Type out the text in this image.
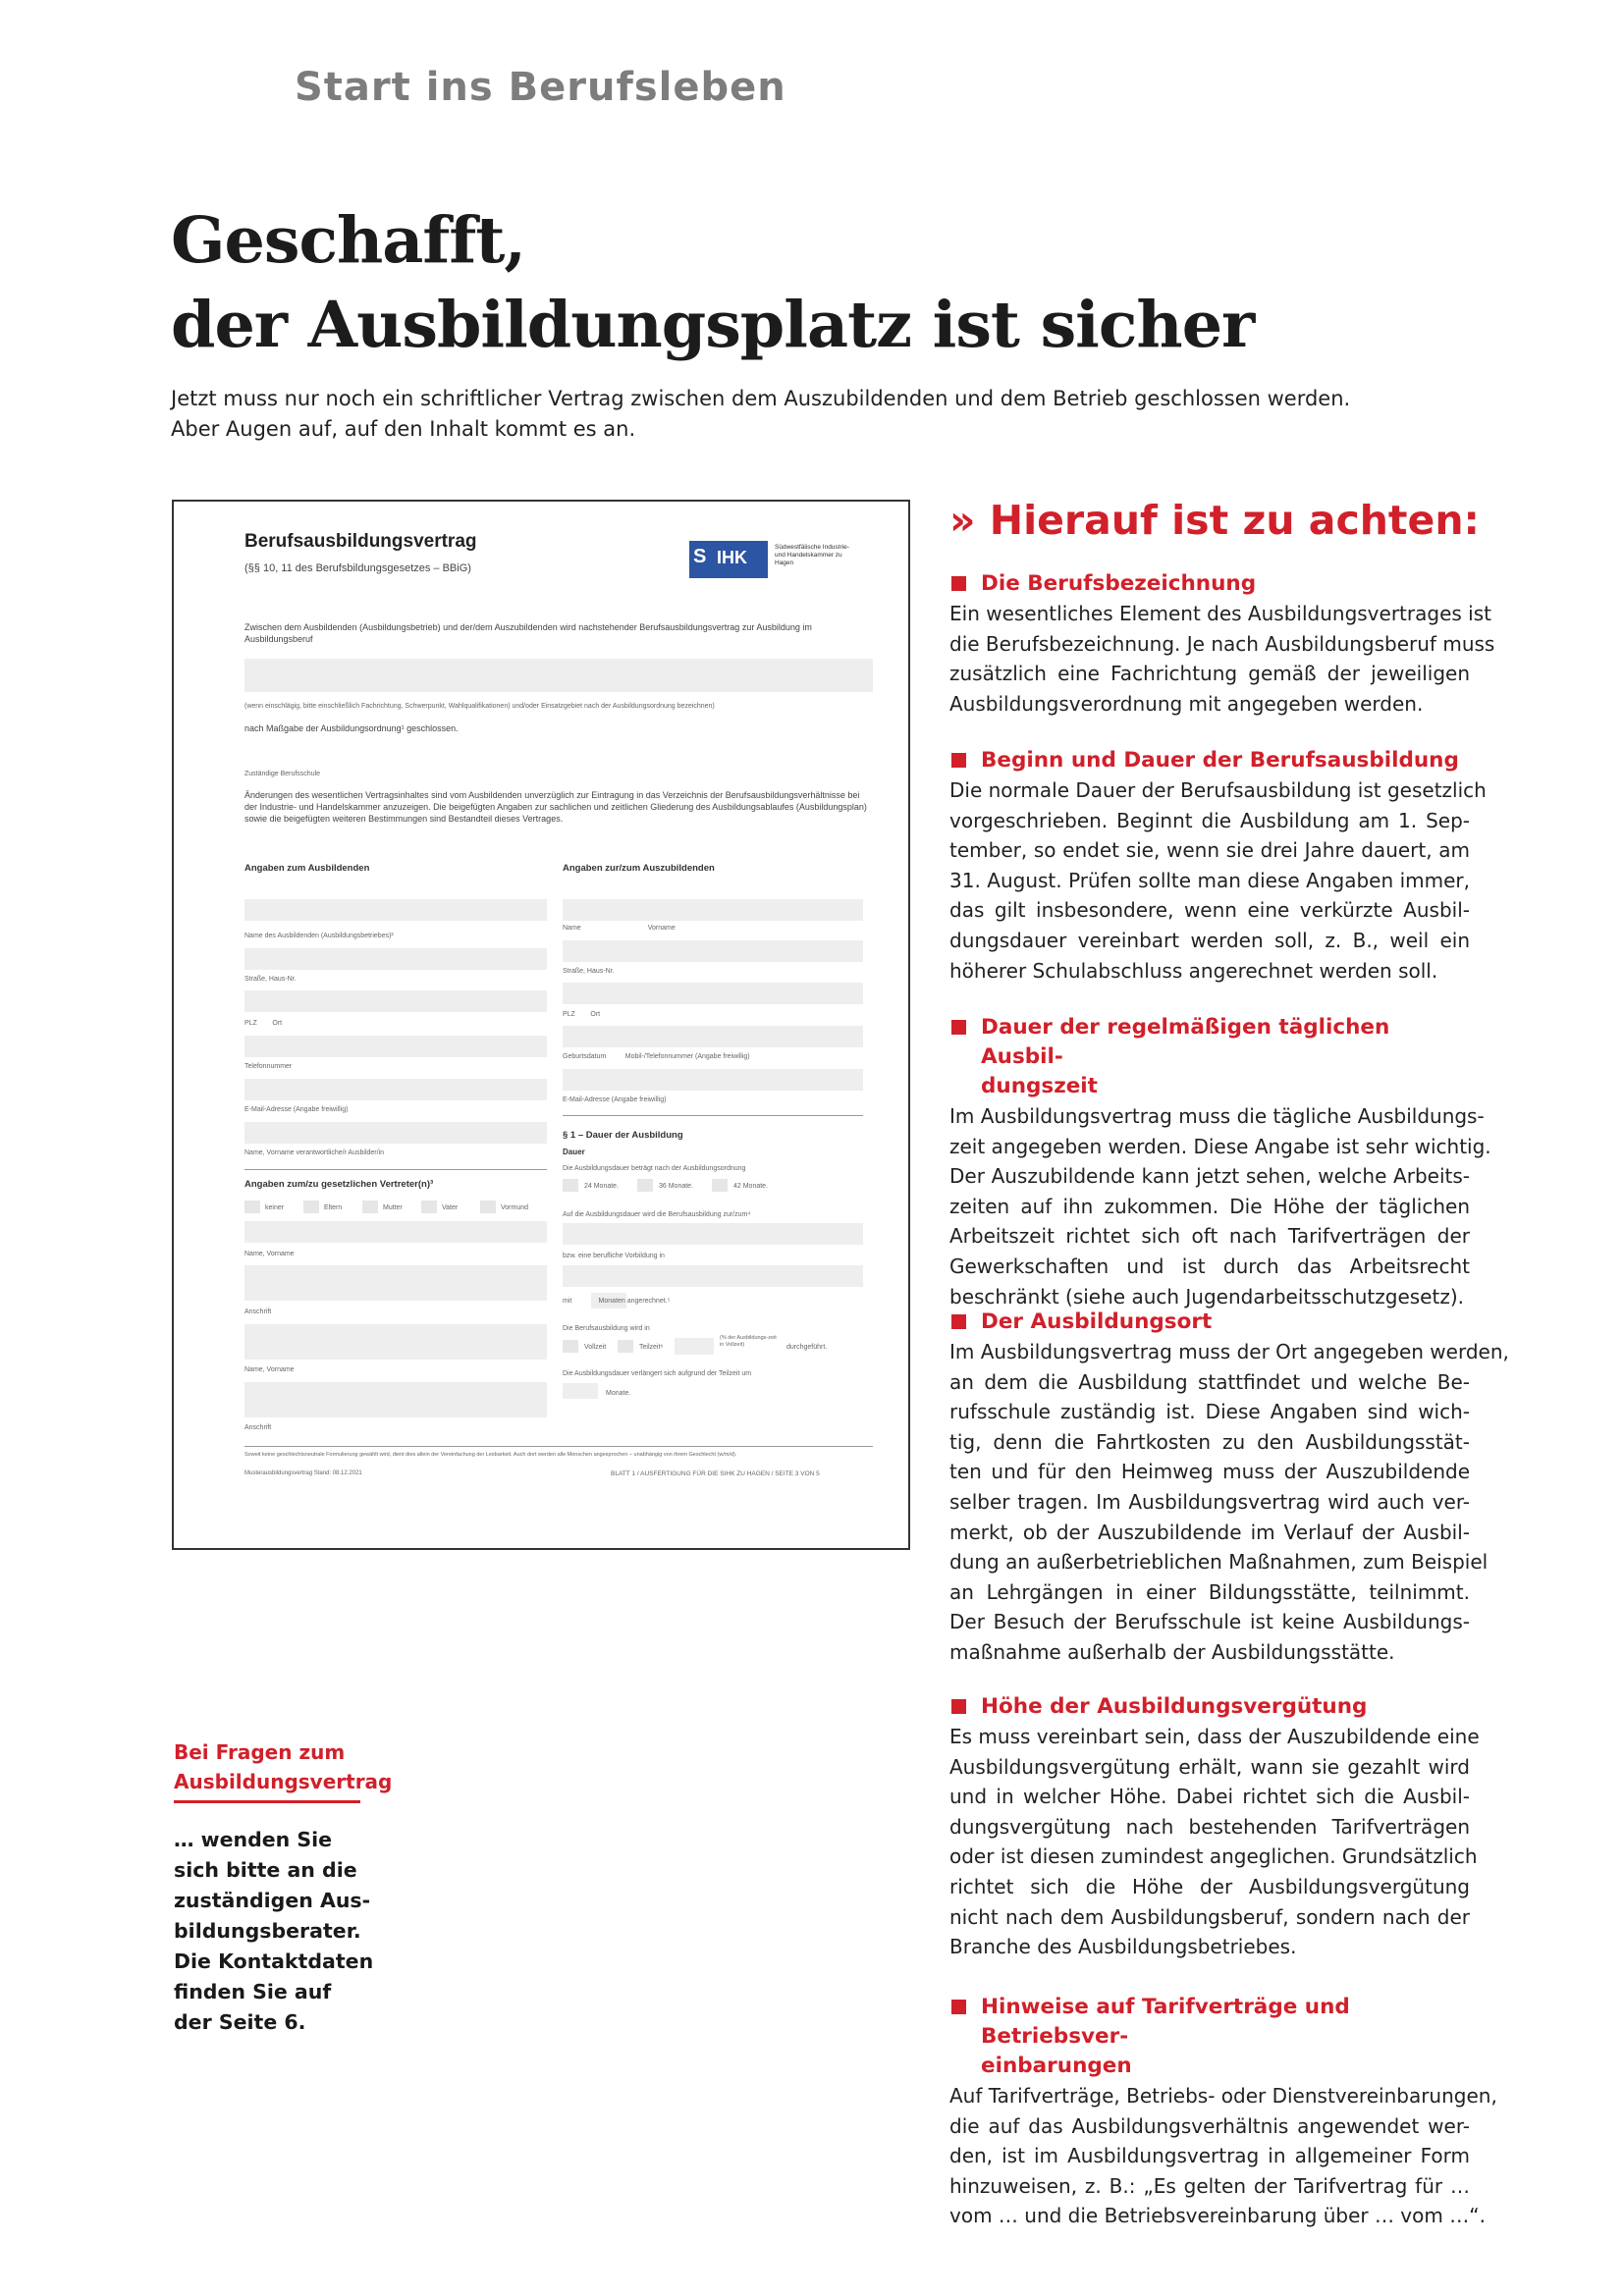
Start ins Berufsleben
Geschafft,
der Ausbildungsplatz ist sicher
Jetzt muss nur noch ein schriftlicher Vertrag zwischen dem Auszubildenden und dem Betrieb geschlossen werden.
Aber Augen auf, auf den Inhalt kommt es an.
Berufsausbildungsvertrag
(§§ 10, 11 des Berufsbildungsgesetzes – BBiG)
S IHK
Südwestfälische Industrie- und Handelskammer zu Hagen
Zwischen dem Ausbildenden (Ausbildungsbetrieb) und der/dem Auszubildenden wird nachstehender Berufsausbildungsvertrag zur Ausbildung im Ausbildungsberuf
(wenn einschlägig, bitte einschließlich Fachrichtung, Schwerpunkt, Wahlqualifikationen) und/oder Einsatzgebiet nach der Ausbildungsordnung bezeichnen)
nach Maßgabe der Ausbildungsordnung¹ geschlossen.
Zuständige Berufsschule
Änderungen des wesentlichen Vertragsinhaltes sind vom Ausbildenden unverzüglich zur Eintragung in das Verzeichnis der Berufsausbildungsverhältnisse bei der Industrie- und Handelskammer anzuzeigen. Die beigefügten Angaben zur sachlichen und zeitlichen Gliederung des Ausbildungsablaufes (Ausbildungsplan) sowie die beigefügten weiteren Bestimmungen sind Bestandteil dieses Vertrages.
Angaben zum Ausbildenden	Angaben zur/zum Auszubildenden
Name des Ausbildenden (Ausbildungsbetriebes)²
Straße, Haus-Nr.
PLZ        Ort
Telefonnummer
E-Mail-Adresse (Angabe freiwillig)
Name, Vorname verantwortliche/r Ausbilder/in
Angaben zum/zu gesetzlichen Vertreter(n)³
keiner	Eltern	Mutter	Vater	Vormund
Name, Vorname
Anschrift
Name, Vorname
Anschrift
Name                                   Vorname
Straße, Haus-Nr.
PLZ        Ort
Geburtsdatum          Mobil-/Telefonnummer (Angabe freiwillig)
E-Mail-Adresse (Angabe freiwillig)
§ 1 – Dauer der Ausbildung
Dauer
Die Ausbildungsdauer beträgt nach der Ausbildungsordnung
24 Monate.	36 Monate.	42 Monate.
Auf die Ausbildungsdauer wird die Berufsausbildung zur/zum⁴
bzw. eine berufliche Vorbildung in
mit              Monaten angerechnet.⁵
Die Berufsausbildung wird in
Vollzeit	Teilzeit⁶
(% der Ausbildungs-zeit in Vollzeit)	durchgeführt.
Die Ausbildungsdauer verlängert sich aufgrund der Teilzeit um
Monate.
Soweit keine geschlechtsneutrale Formulierung gewählt wird, dient dies allein der Vereinfachung der Lesbarkeit. Auch dort werden alle Menschen angesprochen – unabhängig von ihrem Geschlecht (w/m/d).
Musterausbildungsvertrag Stand: 08.12.2021	BLATT 1 / AUSFERTIGUNG FÜR DIE SIHK ZU HAGEN / SEITE 3 VON 5
» Hierauf ist zu achten:
Die Berufsbezeichnung

Ein wesentliches Element des Ausbildungsvertrages ist
die Berufsbezeichnung. Je nach Ausbildungsberuf muss
zusätzlich eine Fachrichtung gemäß der jeweiligen
Ausbildungsverordnung mit angegeben werden.

Beginn und Dauer der Berufsausbildung

Die normale Dauer der Berufsausbildung ist gesetzlich
vorgeschrieben. Beginnt die Ausbildung am 1. Sep-
tember, so endet sie, wenn sie drei Jahre dauert, am
31. August. Prüfen sollte man diese Angaben immer,
das gilt insbesondere, wenn eine verkürzte Ausbil-
dungsdauer vereinbart werden soll, z. B., weil ein
höherer Schulabschluss angerechnet werden soll.

Dauer der regelmäßigen täglichen Ausbil-
dungszeit

Im Ausbildungsvertrag muss die tägliche Ausbildungs-
zeit angegeben werden. Diese Angabe ist sehr wichtig.
Der Auszubildende kann jetzt sehen, welche Arbeits-
zeiten auf ihn zukommen. Die Höhe der täglichen
Arbeitszeit richtet sich oft nach Tarifverträgen der
Gewerkschaften und ist durch das Arbeitsrecht
beschränkt (siehe auch Jugendarbeitsschutzgesetz).

Der Ausbildungsort

Im Ausbildungsvertrag muss der Ort angegeben werden,
an dem die Ausbildung stattfindet und welche Be-
rufsschule zuständig ist. Diese Angaben sind wich-
tig, denn die Fahrtkosten zu den Ausbildungsstät-
ten und für den Heimweg muss der Auszubildende
selber tragen. Im Ausbildungsvertrag wird auch ver-
merkt, ob der Auszubildende im Verlauf der Ausbil-
dung an außerbetrieblichen Maßnahmen, zum Beispiel
an Lehrgängen in einer Bildungsstätte, teilnimmt.
Der Besuch der Berufsschule ist keine Ausbildungs-
maßnahme außerhalb der Ausbildungsstätte.

Höhe der Ausbildungsvergütung

Es muss vereinbart sein, dass der Auszubildende eine
Ausbildungsvergütung erhält, wann sie gezahlt wird
und in welcher Höhe. Dabei richtet sich die Ausbil-
dungsvergütung nach bestehenden Tarifverträgen
oder ist diesen zumindest angeglichen. Grundsätzlich
richtet sich die Höhe der Ausbildungsvergütung
nicht nach dem Ausbildungsberuf, sondern nach der
Branche des Ausbildungsbetriebes.

Hinweise auf Tarifverträge und Betriebsver-
einbarungen

Auf Tarifverträge, Betriebs- oder Dienstvereinbarungen,
die auf das Ausbildungsverhältnis angewendet wer-
den, ist im Ausbildungsvertrag in allgemeiner Form
hinzuweisen, z. B.: „Es gelten der Tarifvertrag für …
vom … und die Betriebsvereinbarung über … vom …“.

Bei Fragen zum
Ausbildungsvertrag
… wenden Sie
sich bitte an die
zuständigen Aus-
bildungsberater.
Die Kontaktdaten
finden Sie auf
der Seite 6.
